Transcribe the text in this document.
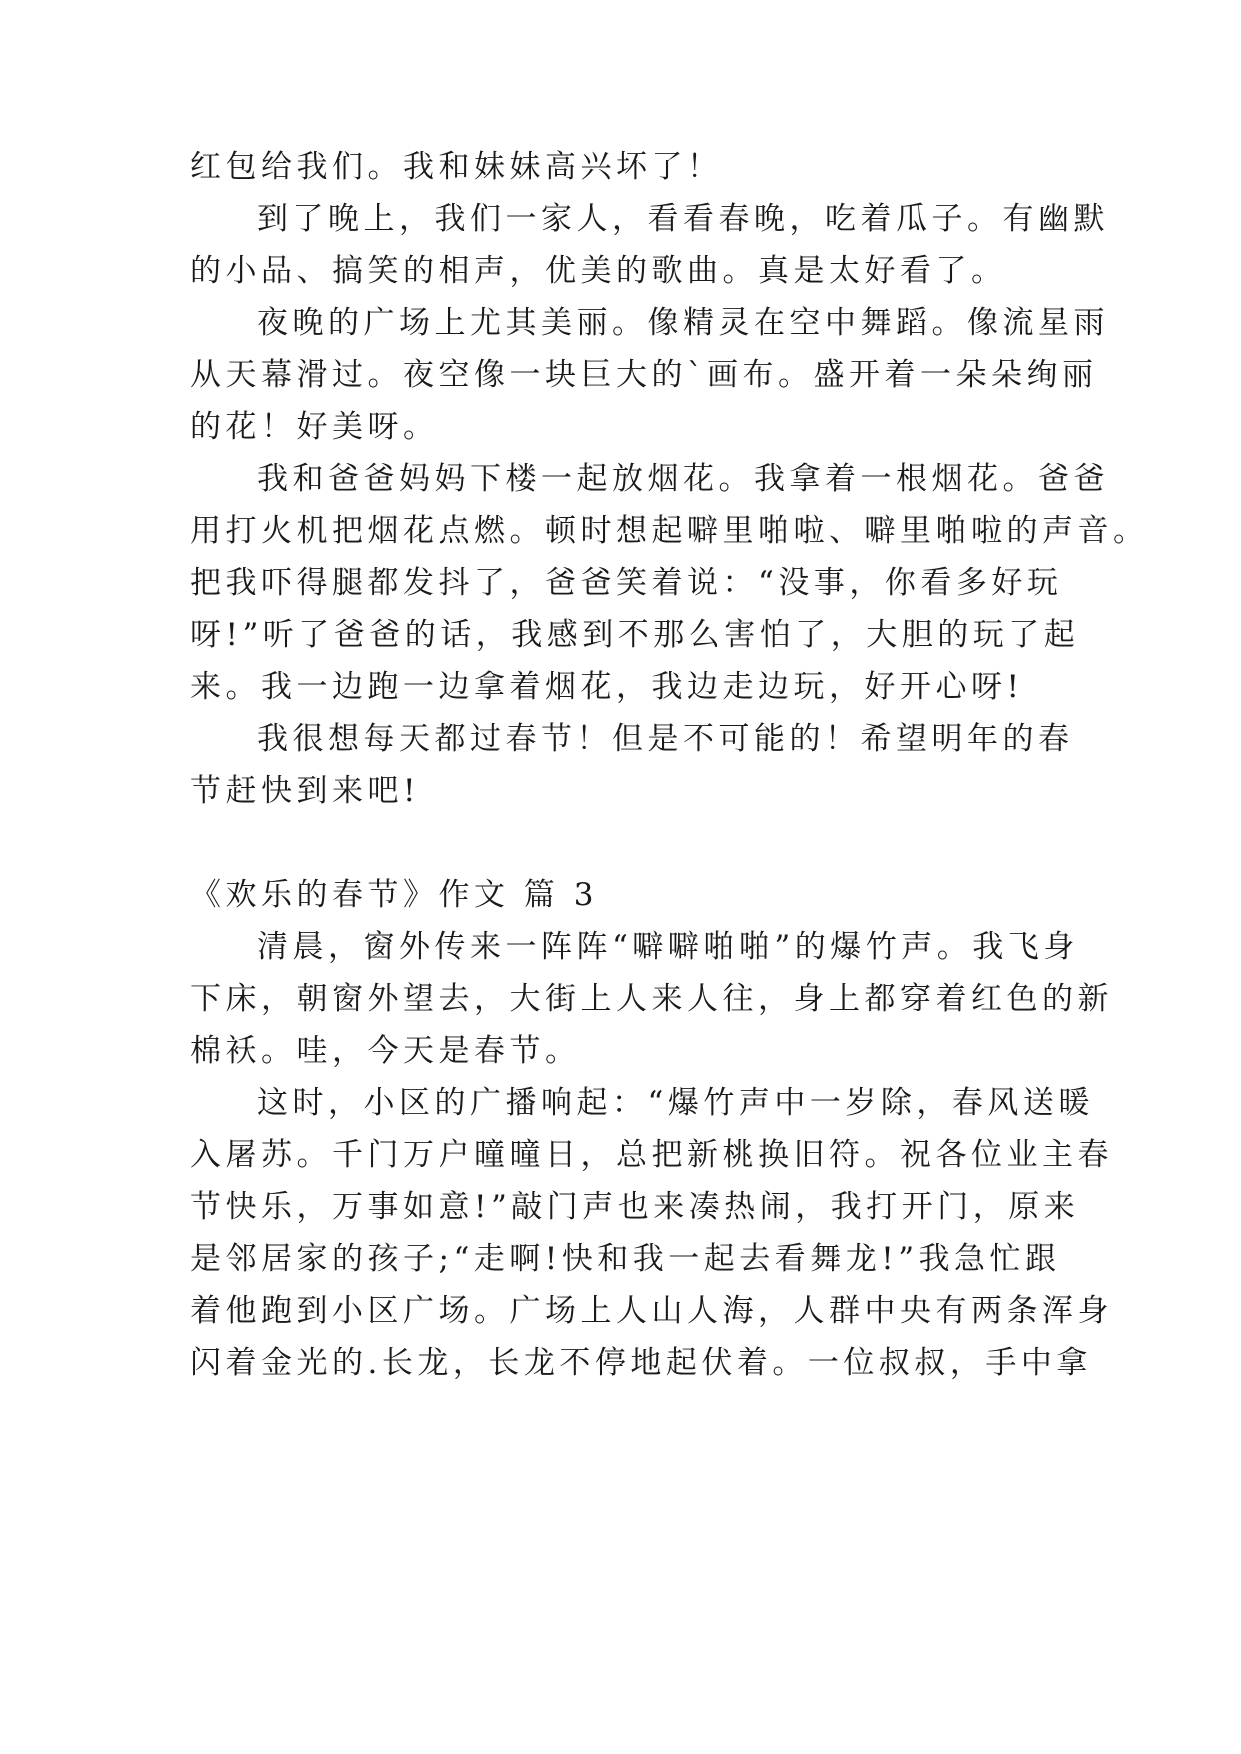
红包给我们。我和妹妹高兴坏了！
到了晚上，我们一家人，看看春晚，吃着瓜子。有幽默
的小品、搞笑的相声，优美的歌曲。真是太好看了。
夜晚的广场上尤其美丽。像精灵在空中舞蹈。像流星雨
从天幕滑过。夜空像一块巨大的`画布。盛开着一朵朵绚丽
的花！好美呀。
我和爸爸妈妈下楼一起放烟花。我拿着一根烟花。爸爸
用打火机把烟花点燃。顿时想起噼里啪啦、噼里啪啦的声音。
把我吓得腿都发抖了，爸爸笑着说：“没事，你看多好玩
呀!”听了爸爸的话，我感到不那么害怕了，大胆的玩了起
来。我一边跑一边拿着烟花，我边走边玩，好开心呀!
我很想每天都过春节！但是不可能的！希望明年的春
节赶快到来吧!
《欢乐的春节》作文 篇 3
清晨，窗外传来一阵阵“噼噼啪啪”的爆竹声。我飞身
下床，朝窗外望去，大街上人来人往，身上都穿着红色的新
棉袄。哇，今天是春节。
这时，小区的广播响起：“爆竹声中一岁除，春风送暖
入屠苏。千门万户曈曈日，总把新桃换旧符。祝各位业主春
节快乐，万事如意!”敲门声也来凑热闹，我打开门，原来
是邻居家的孩子;“走啊!快和我一起去看舞龙!”我急忙跟
着他跑到小区广场。广场上人山人海，人群中央有两条浑身
闪着金光的.长龙，长龙不停地起伏着。一位叔叔，手中拿
